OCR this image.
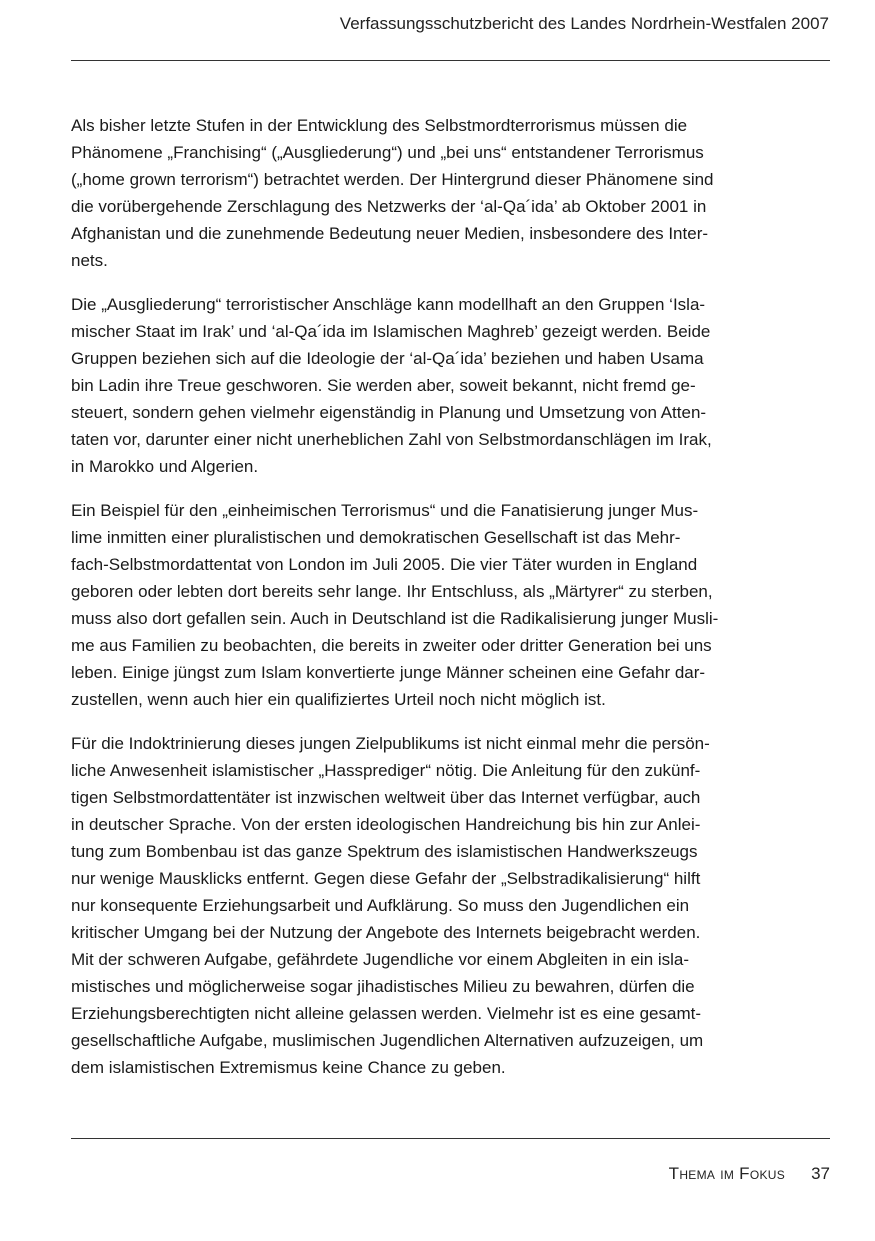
Verfassungsschutzbericht des Landes Nordrhein-Westfalen 2007

Als bisher letzte Stufen in der Entwicklung des Selbstmordterrorismus müssen die
Phänomene „Franchising“ („Ausgliederung“) und „bei uns“ entstandener Terrorismus
(„home grown terrorism“) betrachtet werden. Der Hintergrund dieser Phänomene sind
die vorübergehende Zerschlagung des Netzwerks der ‘al-Qa´ida’ ab Oktober 2001 in
Afghanistan und die zunehmende Bedeutung neuer Medien, insbesondere des Inter-
nets.

Die „Ausgliederung“ terroristischer Anschläge kann modellhaft an den Gruppen ‘Isla-
mischer Staat im Irak’ und ‘al-Qa´ida im Islamischen Maghreb’ gezeigt werden. Beide
Gruppen beziehen sich auf die Ideologie der ‘al-Qa´ida’ beziehen und haben Usama
bin Ladin ihre Treue geschworen. Sie werden aber, soweit bekannt, nicht fremd ge-
steuert, sondern gehen vielmehr eigenständig in Planung und Umsetzung von Atten-
taten vor, darunter einer nicht unerheblichen Zahl von Selbstmordanschlägen im Irak,
in Marokko und Algerien.

Ein Beispiel für den „einheimischen Terrorismus“ und die Fanatisierung junger Mus-
lime inmitten einer pluralistischen und demokratischen Gesellschaft ist das Mehr-
fach-Selbstmordattentat von London im Juli 2005. Die vier Täter wurden in England
geboren oder lebten dort bereits sehr lange. Ihr Entschluss, als „Märtyrer“ zu sterben,
muss also dort gefallen sein. Auch in Deutschland ist die Radikalisierung junger Musli-
me aus Familien zu beobachten, die bereits in zweiter oder dritter Generation bei uns
leben. Einige jüngst zum Islam konvertierte junge Männer scheinen eine Gefahr dar-
zustellen, wenn auch hier ein qualifiziertes Urteil noch nicht möglich ist.

Für die Indoktrinierung dieses jungen Zielpublikums ist nicht einmal mehr die persön-
liche Anwesenheit islamistischer „Hassprediger“ nötig. Die Anleitung für den zukünf-
tigen Selbstmordattentäter ist inzwischen weltweit über das Internet verfügbar, auch
in deutscher Sprache. Von der ersten ideologischen Handreichung bis hin zur Anlei-
tung zum Bombenbau ist das ganze Spektrum des islamistischen Handwerkszeugs
nur wenige Mausklicks entfernt. Gegen diese Gefahr der „Selbstradikalisierung“ hilft
nur konsequente Erziehungsarbeit und Aufklärung. So muss den Jugendlichen ein
kritischer Umgang bei der Nutzung der Angebote des Internets beigebracht werden.
Mit der schweren Aufgabe, gefährdete Jugendliche vor einem Abgleiten in ein isla-
mistisches und möglicherweise sogar jihadistisches Milieu zu bewahren, dürfen die
Erziehungsberechtigten nicht alleine gelassen werden. Vielmehr ist es eine gesamt-
gesellschaftliche Aufgabe, muslimischen Jugendlichen Alternativen aufzuzeigen, um
dem islamistischen Extremismus keine Chance zu geben.

Thema im Fokus 37
